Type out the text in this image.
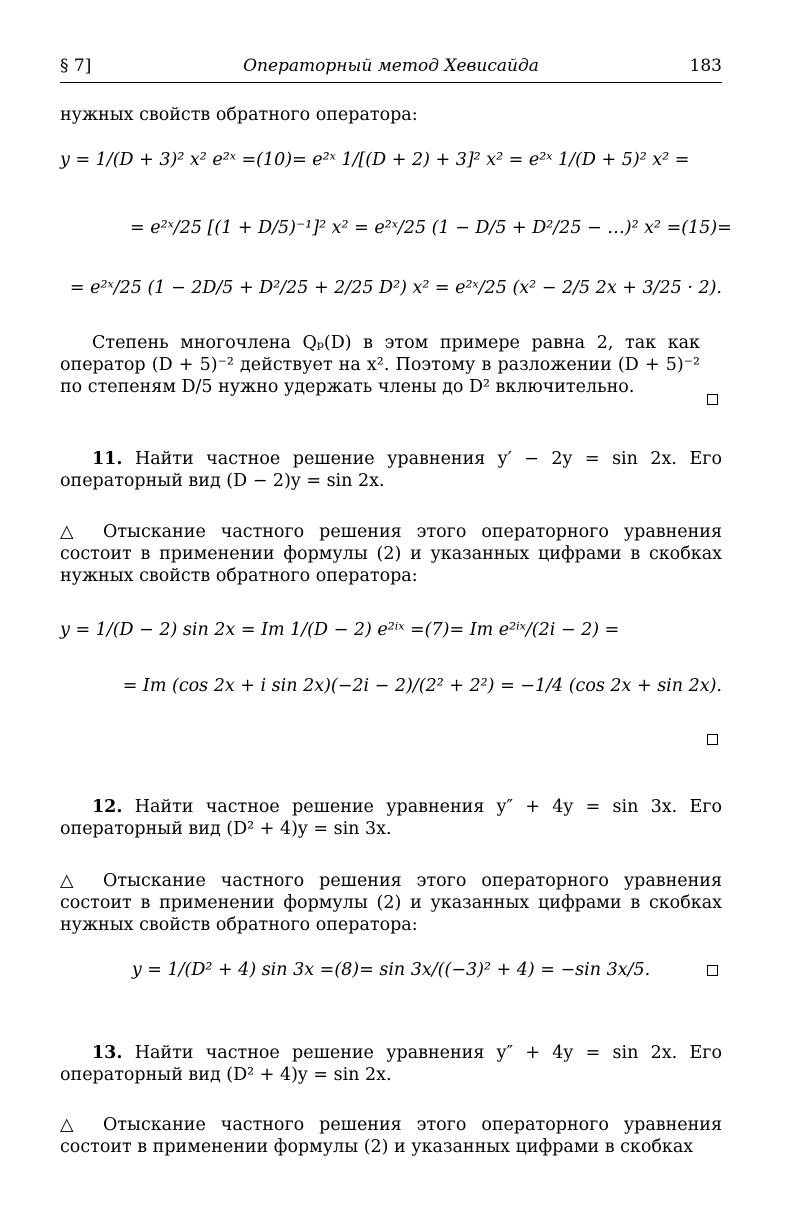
§ 7]	Операторный метод Хевисайда	183
нужных свойств обратного оператора:
y = 1/(D + 3)² x² e²ˣ =(10)= e²ˣ 1/[(D + 2) + 3]² x² = e²ˣ 1/(D + 5)² x² =
= e²ˣ/25 [(1 + D/5)⁻¹]² x² = e²ˣ/25 (1 − D/5 + D²/25 − …)² x² =(15)=
= e²ˣ/25 (1 − 2D/5 + D²/25 + 2/25 D²) x² = e²ˣ/25 (x² − 2/5 2x + 3/25 · 2).
Степень многочлена Qₚ(D) в этом примере равна 2, так как оператор (D + 5)⁻² действует на x². Поэтому в разложении (D + 5)⁻² по степеням D/5 нужно удержать члены до D² включительно.
11. Найти частное решение уравнения y′ − 2y = sin 2x. Его операторный вид (D − 2)y = sin 2x.
△ Отыскание частного решения этого операторного уравнения состоит в применении формулы (2) и указанных цифрами в скобках нужных свойств обратного оператора:
y = 1/(D − 2) sin 2x = Im 1/(D − 2) e²ⁱˣ =(7)= Im e²ⁱˣ/(2i − 2) =
= Im (cos 2x + i sin 2x)(−2i − 2)/(2² + 2²) = −1/4 (cos 2x + sin 2x).
12. Найти частное решение уравнения y″ + 4y = sin 3x. Его операторный вид (D² + 4)y = sin 3x.
△ Отыскание частного решения этого операторного уравнения состоит в применении формулы (2) и указанных цифрами в скобках нужных свойств обратного оператора:
y = 1/(D² + 4) sin 3x =(8)= sin 3x/((−3)² + 4) = −sin 3x/5.
13. Найти частное решение уравнения y″ + 4y = sin 2x. Его операторный вид (D² + 4)y = sin 2x.
△ Отыскание частного решения этого операторного уравнения состоит в применении формулы (2) и указанных цифрами в скобках
